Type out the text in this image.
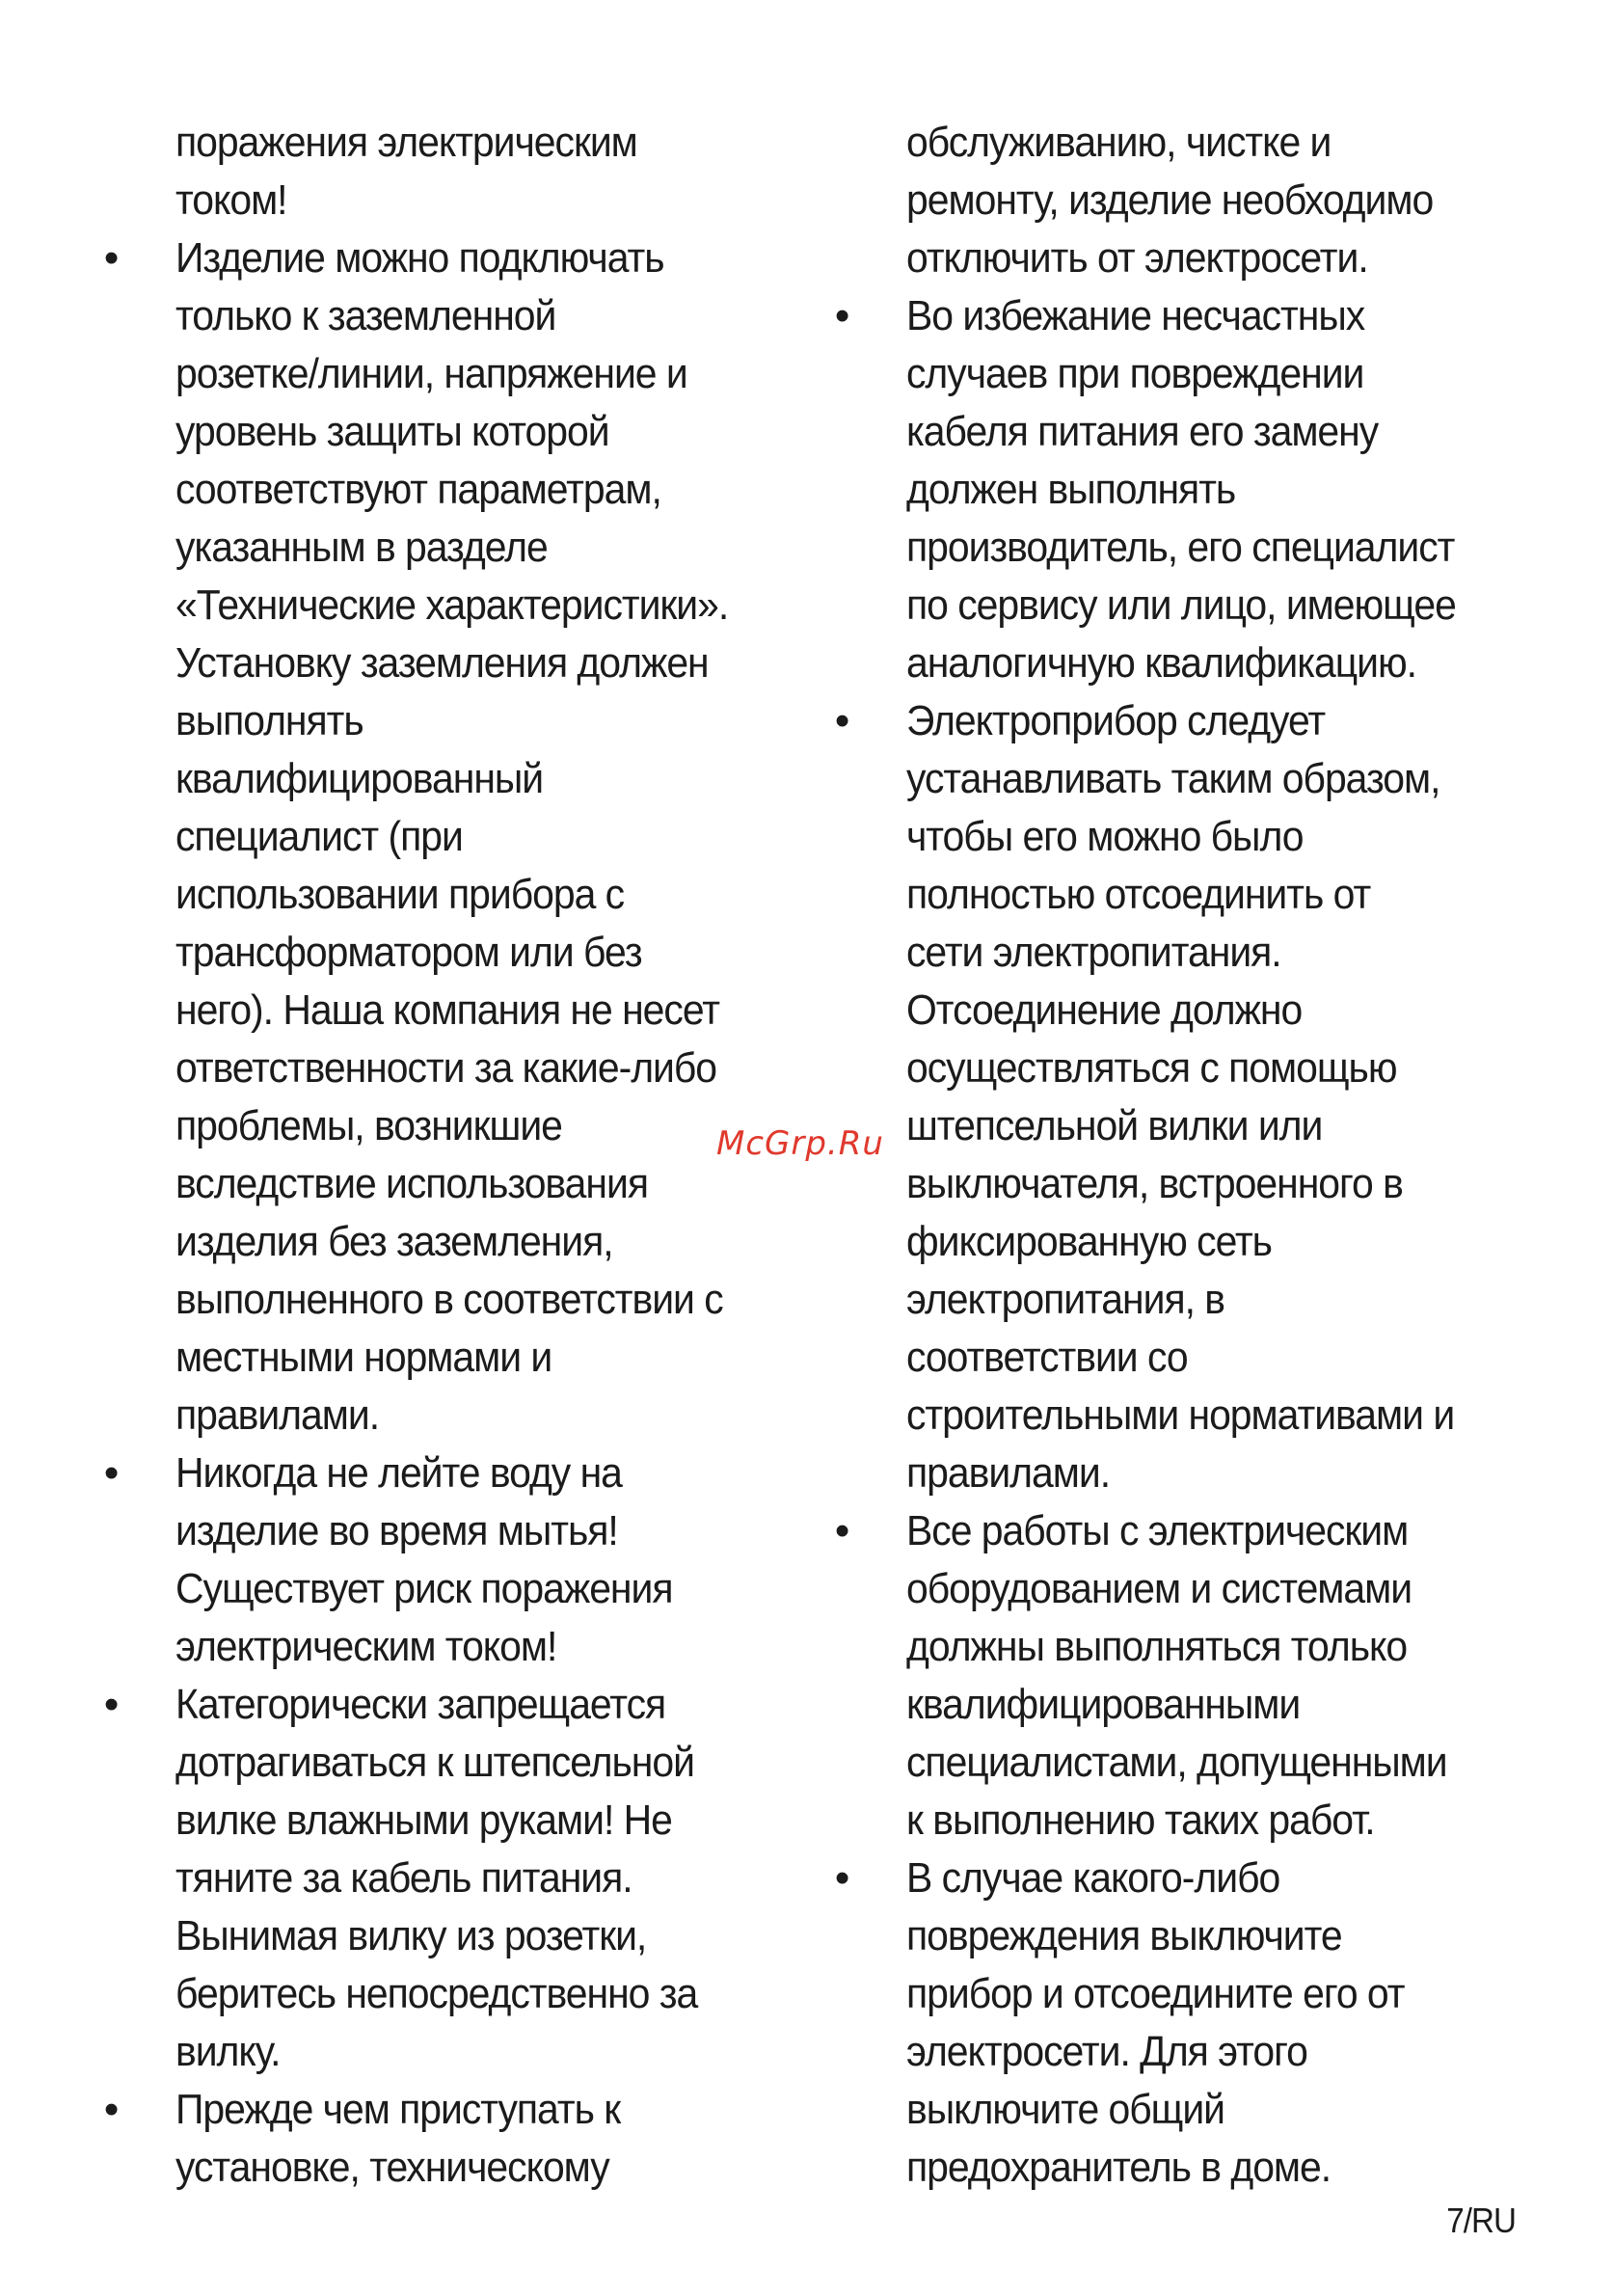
поражения электрическим
током!
• Изделие можно подключать
только к заземленной
розетке/линии, напряжение и
уровень защиты которой
соответствуют параметрам,
указанным в разделе
«Технические характеристики».
Установку заземления должен
выполнять
квалифицированный
специалист (при
использовании прибора с
трансформатором или без
него). Наша компания не несет
ответственности за какие-либо
проблемы, возникшие
вследствие использования
изделия без заземления,
выполненного в соответствии с
местными нормами и
правилами.
• Никогда не лейте воду на
изделие во время мытья!
Существует риск поражения
электрическим током!
• Категорически запрещается
дотрагиваться к штепсельной
вилке влажными руками! Не
тяните за кабель питания.
Вынимая вилку из розетки,
беритесь непосредственно за
вилку.
• Прежде чем приступать к
установке, техническому
обслуживанию, чистке и
ремонту, изделие необходимо
отключить от электросети.
• Во избежание несчастных
случаев при повреждении
кабеля питания его замену
должен выполнять
производитель, его специалист
по сервису или лицо, имеющее
аналогичную квалификацию.
• Электроприбор следует
устанавливать таким образом,
чтобы его можно было
полностью отсоединить от
сети электропитания.
Отсоединение должно
осуществляться с помощью
штепсельной вилки или
выключателя, встроенного в
фиксированную сеть
электропитания, в
соответствии со
строительными нормативами и
правилами.
• Все работы с электрическим
оборудованием и системами
должны выполняться только
квалифицированными
специалистами, допущенными
к выполнению таких работ.
• В случае какого-либо
повреждения выключите
прибор и отсоедините его от
электросети. Для этого
выключите общий
предохранитель в доме.
McGrp.Ru
7/RU
